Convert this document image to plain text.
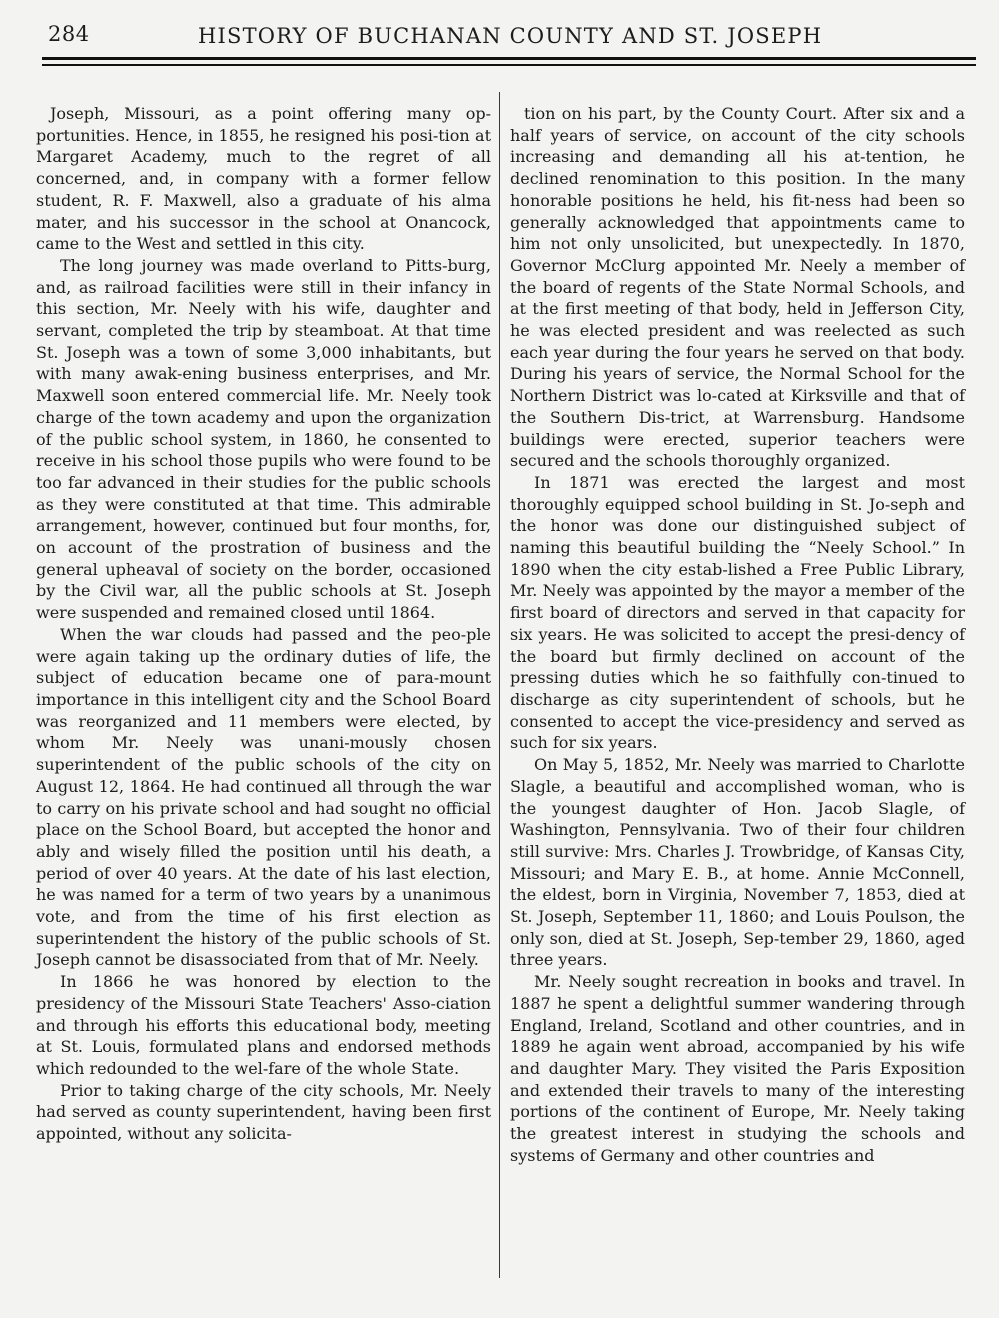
284	HISTORY OF BUCHANAN COUNTY AND ST. JOSEPH

Joseph, Missouri, as a point offering many op-portunities. Hence, in 1855, he resigned his posi-tion at Margaret Academy, much to the regret of all concerned, and, in company with a former fellow student, R. F. Maxwell, also a graduate of his alma mater, and his successor in the school at Onancock, came to the West and settled in this city.

The long journey was made overland to Pitts-burg, and, as railroad facilities were still in their infancy in this section, Mr. Neely with his wife, daughter and servant, completed the trip by steamboat. At that time St. Joseph was a town of some 3,000 inhabitants, but with many awak-ening business enterprises, and Mr. Maxwell soon entered commercial life. Mr. Neely took charge of the town academy and upon the organization of the public school system, in 1860, he consented to receive in his school those pupils who were found to be too far advanced in their studies for the public schools as they were constituted at that time. This admirable arrangement, however, continued but four months, for, on account of the prostration of business and the general upheaval of society on the border, occasioned by the Civil war, all the public schools at St. Joseph were suspended and remained closed until 1864.

When the war clouds had passed and the peo-ple were again taking up the ordinary duties of life, the subject of education became one of para-mount importance in this intelligent city and the School Board was reorganized and 11 members were elected, by whom Mr. Neely was unani-mously chosen superintendent of the public schools of the city on August 12, 1864. He had continued all through the war to carry on his private school and had sought no official place on the School Board, but accepted the honor and ably and wisely filled the position until his death, a period of over 40 years. At the date of his last election, he was named for a term of two years by a unanimous vote, and from the time of his first election as superintendent the history of the public schools of St. Joseph cannot be disassociated from that of Mr. Neely.

In 1866 he was honored by election to the presidency of the Missouri State Teachers' Asso-ciation and through his efforts this educational body, meeting at St. Louis, formulated plans and endorsed methods which redounded to the wel-fare of the whole State.

Prior to taking charge of the city schools, Mr. Neely had served as county superintendent, having been first appointed, without any solicita-

tion on his part, by the County Court. After six and a half years of service, on account of the city schools increasing and demanding all his at-tention, he declined renomination to this position. In the many honorable positions he held, his fit-ness had been so generally acknowledged that appointments came to him not only unsolicited, but unexpectedly. In 1870, Governor McClurg appointed Mr. Neely a member of the board of regents of the State Normal Schools, and at the first meeting of that body, held in Jefferson City, he was elected president and was reelected as such each year during the four years he served on that body. During his years of service, the Normal School for the Northern District was lo-cated at Kirksville and that of the Southern Dis-trict, at Warrensburg. Handsome buildings were erected, superior teachers were secured and the schools thoroughly organized.

In 1871 was erected the largest and most thoroughly equipped school building in St. Jo-seph and the honor was done our distinguished subject of naming this beautiful building the “Neely School.” In 1890 when the city estab-lished a Free Public Library, Mr. Neely was appointed by the mayor a member of the first board of directors and served in that capacity for six years. He was solicited to accept the presi-dency of the board but firmly declined on account of the pressing duties which he so faithfully con-tinued to discharge as city superintendent of schools, but he consented to accept the vice-presidency and served as such for six years.

On May 5, 1852, Mr. Neely was married to Charlotte Slagle, a beautiful and accomplished woman, who is the youngest daughter of Hon. Jacob Slagle, of Washington, Pennsylvania. Two of their four children still survive: Mrs. Charles J. Trowbridge, of Kansas City, Missouri; and Mary E. B., at home. Annie McConnell, the eldest, born in Virginia, November 7, 1853, died at St. Joseph, September 11, 1860; and Louis Poulson, the only son, died at St. Joseph, Sep-tember 29, 1860, aged three years.

Mr. Neely sought recreation in books and travel. In 1887 he spent a delightful summer wandering through England, Ireland, Scotland and other countries, and in 1889 he again went abroad, accompanied by his wife and daughter Mary. They visited the Paris Exposition and extended their travels to many of the interesting portions of the continent of Europe, Mr. Neely taking the greatest interest in studying the schools and systems of Germany and other countries and
